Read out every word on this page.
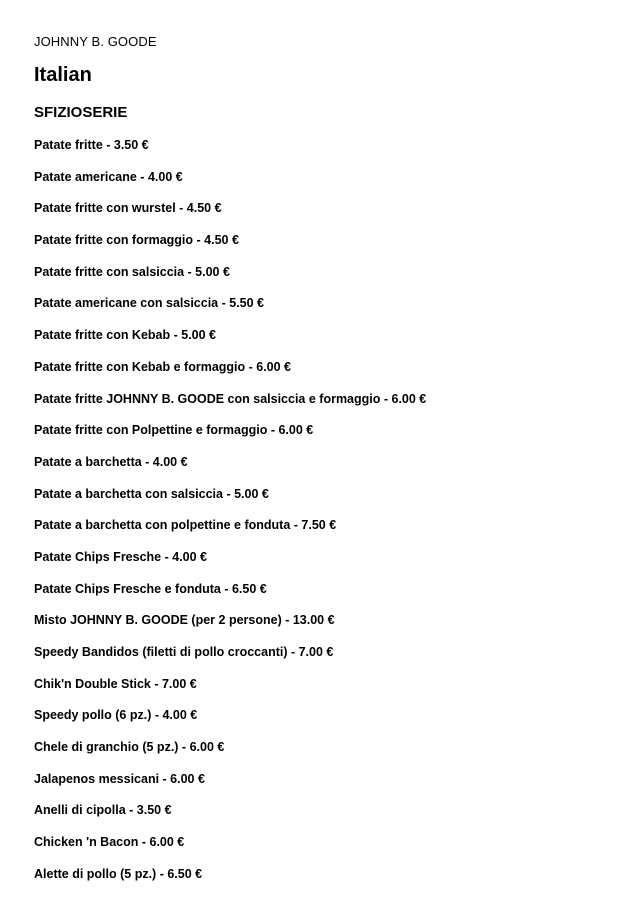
JOHNNY B. GOODE
Italian
SFIZIOSERIE
Patate fritte - 3.50 €
Patate americane - 4.00 €
Patate fritte con wurstel - 4.50 €
Patate fritte con formaggio - 4.50 €
Patate fritte con salsiccia - 5.00 €
Patate americane con salsiccia - 5.50 €
Patate fritte con Kebab - 5.00 €
Patate fritte con Kebab e formaggio - 6.00 €
Patate fritte JOHNNY B. GOODE con salsiccia e formaggio - 6.00 €
Patate fritte con Polpettine e formaggio - 6.00 €
Patate a barchetta - 4.00 €
Patate a barchetta con salsiccia - 5.00 €
Patate a barchetta con polpettine e fonduta - 7.50 €
Patate Chips Fresche - 4.00 €
Patate Chips Fresche e fonduta - 6.50 €
Misto JOHNNY B. GOODE (per 2 persone) - 13.00 €
Speedy Bandidos (filetti di pollo croccanti) - 7.00 €
Chik'n Double Stick - 7.00 €
Speedy pollo (6 pz.) - 4.00 €
Chele di granchio (5 pz.) - 6.00 €
Jalapenos messicani - 6.00 €
Anelli di cipolla - 3.50 €
Chicken 'n Bacon - 6.00 €
Alette di pollo (5 pz.) - 6.50 €
